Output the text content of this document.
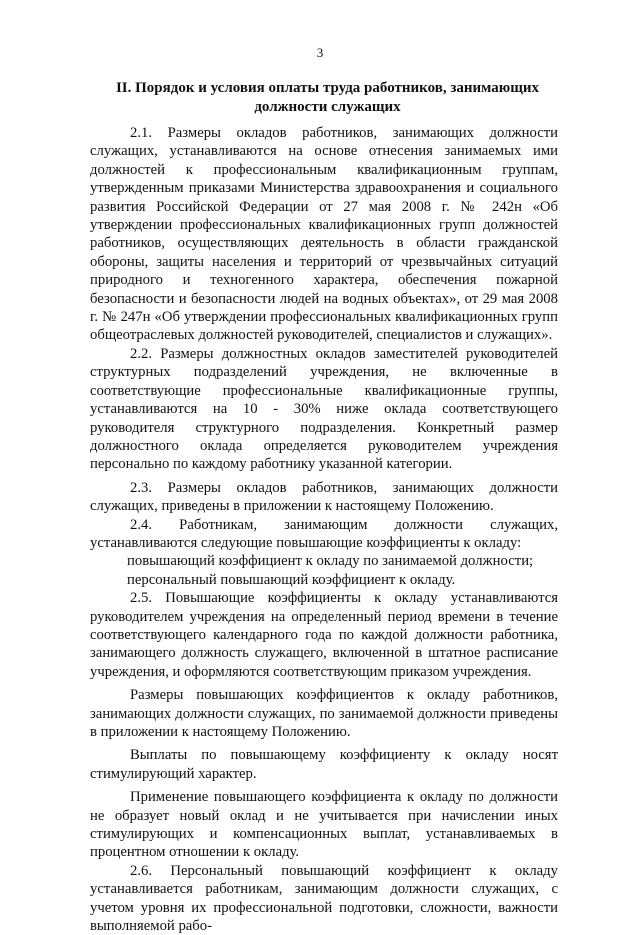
3
II. Порядок и условия оплаты труда работников, занимающих должности служащих

2.1. Размеры окладов работников, занимающих должности служащих, устанавливаются на основе отнесения занимаемых ими должностей к профессиональным квалификационным группам, утвержденным приказами Министерства здравоохранения и социального развития Российской Федерации от 27 мая 2008 г. № 242н «Об утверждении профессиональных квалификационных групп должностей работников, осуществляющих деятельность в области гражданской обороны, защиты населения и территорий от чрезвычайных ситуаций природного и техногенного характера, обеспечения пожарной безопасности и безопасности людей на водных объектах», от 29 мая 2008 г. № 247н «Об утверждении профессиональных квалификационных групп общеотраслевых должностей руководителей, специалистов и служащих».

2.2. Размеры должностных окладов заместителей руководителей структурных подразделений учреждения, не включенные в соответствующие профессиональные квалификационные группы, устанавливаются на 10 - 30% ниже оклада соответствующего руководителя структурного подразделения. Конкретный размер должностного оклада определяется руководителем учреждения персонально по каждому работнику указанной категории.

2.3. Размеры окладов работников, занимающих должности служащих, приведены в приложении к настоящему Положению.

2.4. Работникам, занимающим должности служащих, устанавливаются следующие повышающие коэффициенты к окладу:

повышающий коэффициент к окладу по занимаемой должности;

персональный повышающий коэффициент к окладу.

2.5. Повышающие коэффициенты к окладу устанавливаются руководителем учреждения на определенный период времени в течение соответствующего календарного года по каждой должности работника, занимающего должность служащего, включенной в штатное расписание учреждения, и оформляются соответствующим приказом учреждения.

Размеры повышающих коэффициентов к окладу работников, занимающих должности служащих, по занимаемой должности приведены в приложении к настоящему Положению.

Выплаты по повышающему коэффициенту к окладу носят стимулирующий характер.

Применение повышающего коэффициента к окладу по должности не образует новый оклад и не учитывается при начислении иных стимулирующих и компенсационных выплат, устанавливаемых в процентном отношении к окладу.

2.6. Персональный повышающий коэффициент к окладу устанавливается работникам, занимающим должности служащих, с учетом уровня их профессиональной подготовки, сложности, важности выполняемой рабо-
